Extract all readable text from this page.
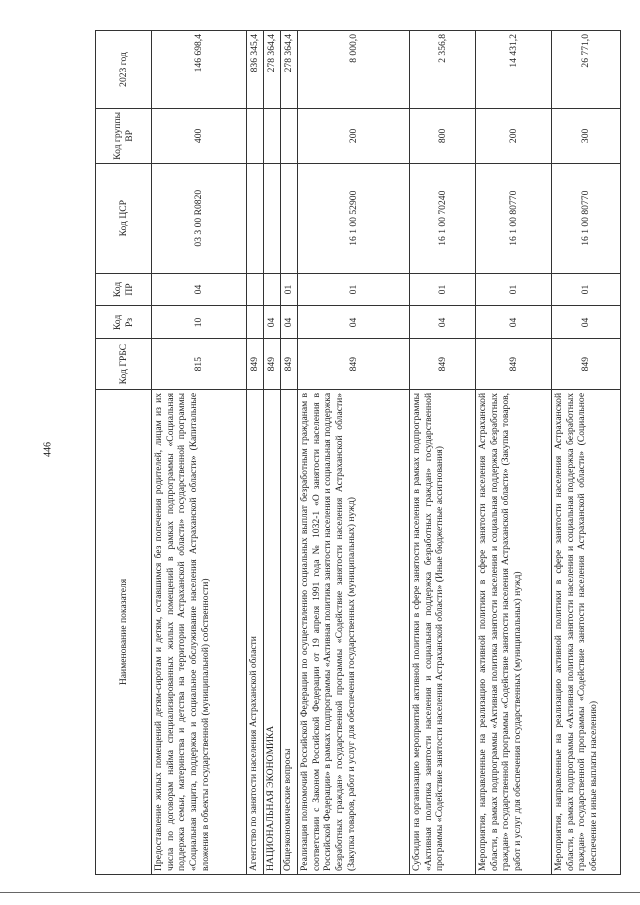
446
Наименование показателя	Код ГРБС	Код Рз	Код ПР	Код ЦСР	Код группы ВР	2023 год
Предоставление жилых помещений детям-сиротам и детям, оставшимся без попечения родителей, лицам из их числа по договорам найма специализированных жилых помещений в рамках подпрограммы «Социальная поддержка семьи, материнства и детства на территории Астраханской области» государственной программы «Социальная защита, поддержка и социальное обслуживание населения Астраханской области» (Капитальные вложения в объекты государственной (муниципальной) собственности)	815	10	04	03 3 00 R0820	400	146 698,4
Агентство по занятости населения Астраханской области	849					836 345,4
НАЦИОНАЛЬНАЯ ЭКОНОМИКА	849	04				278 364,4
Общеэкономические вопросы	849	04	01			278 364,4
Реализация полномочий Российской Федерации по осуществлению социальных выплат безработным гражданам в соответствии с Законом Российской Федерации от 19 апреля 1991 года № 1032-1 «О занятости населения в Российской Федерации» в рамках подпрограммы «Активная политика занятости населения и социальная поддержка безработных граждан» государственной программы «Содействие занятости населения Астраханской области» (Закупка товаров, работ и услуг для обеспечения государственных (муниципальных) нужд)	849	04	01	16 1 00 52900	200	8 000,0
Субсидии на организацию мероприятий активной политики в сфере занятости населения в рамках подпрограммы «Активная политика занятости населения и социальная поддержка безработных граждан» государственной программы «Содействие занятости населения Астраханской области» (Иные бюджетные ассигнования)	849	04	01	16 1 00 70240	800	2 356,8
Мероприятия, направленные на реализацию активной политики в сфере занятости населения Астраханской области, в рамках подпрограммы «Активная политика занятости населения и социальная поддержка безработных граждан» государственной программы «Содействие занятости населения Астраханской области» (Закупка товаров, работ и услуг для обеспечения государственных (муниципальных) нужд)	849	04	01	16 1 00 80770	200	14 431,2
Мероприятия, направленные на реализацию активной политики в сфере занятости населения Астраханской области, в рамках подпрограммы «Активная политика занятости населения и социальная поддержка безработных граждан» государственной программы «Содействие занятости населения Астраханской области» (Социальное обеспечение и иные выплаты населению)	849	04	01	16 1 00 80770	300	26 771,0
